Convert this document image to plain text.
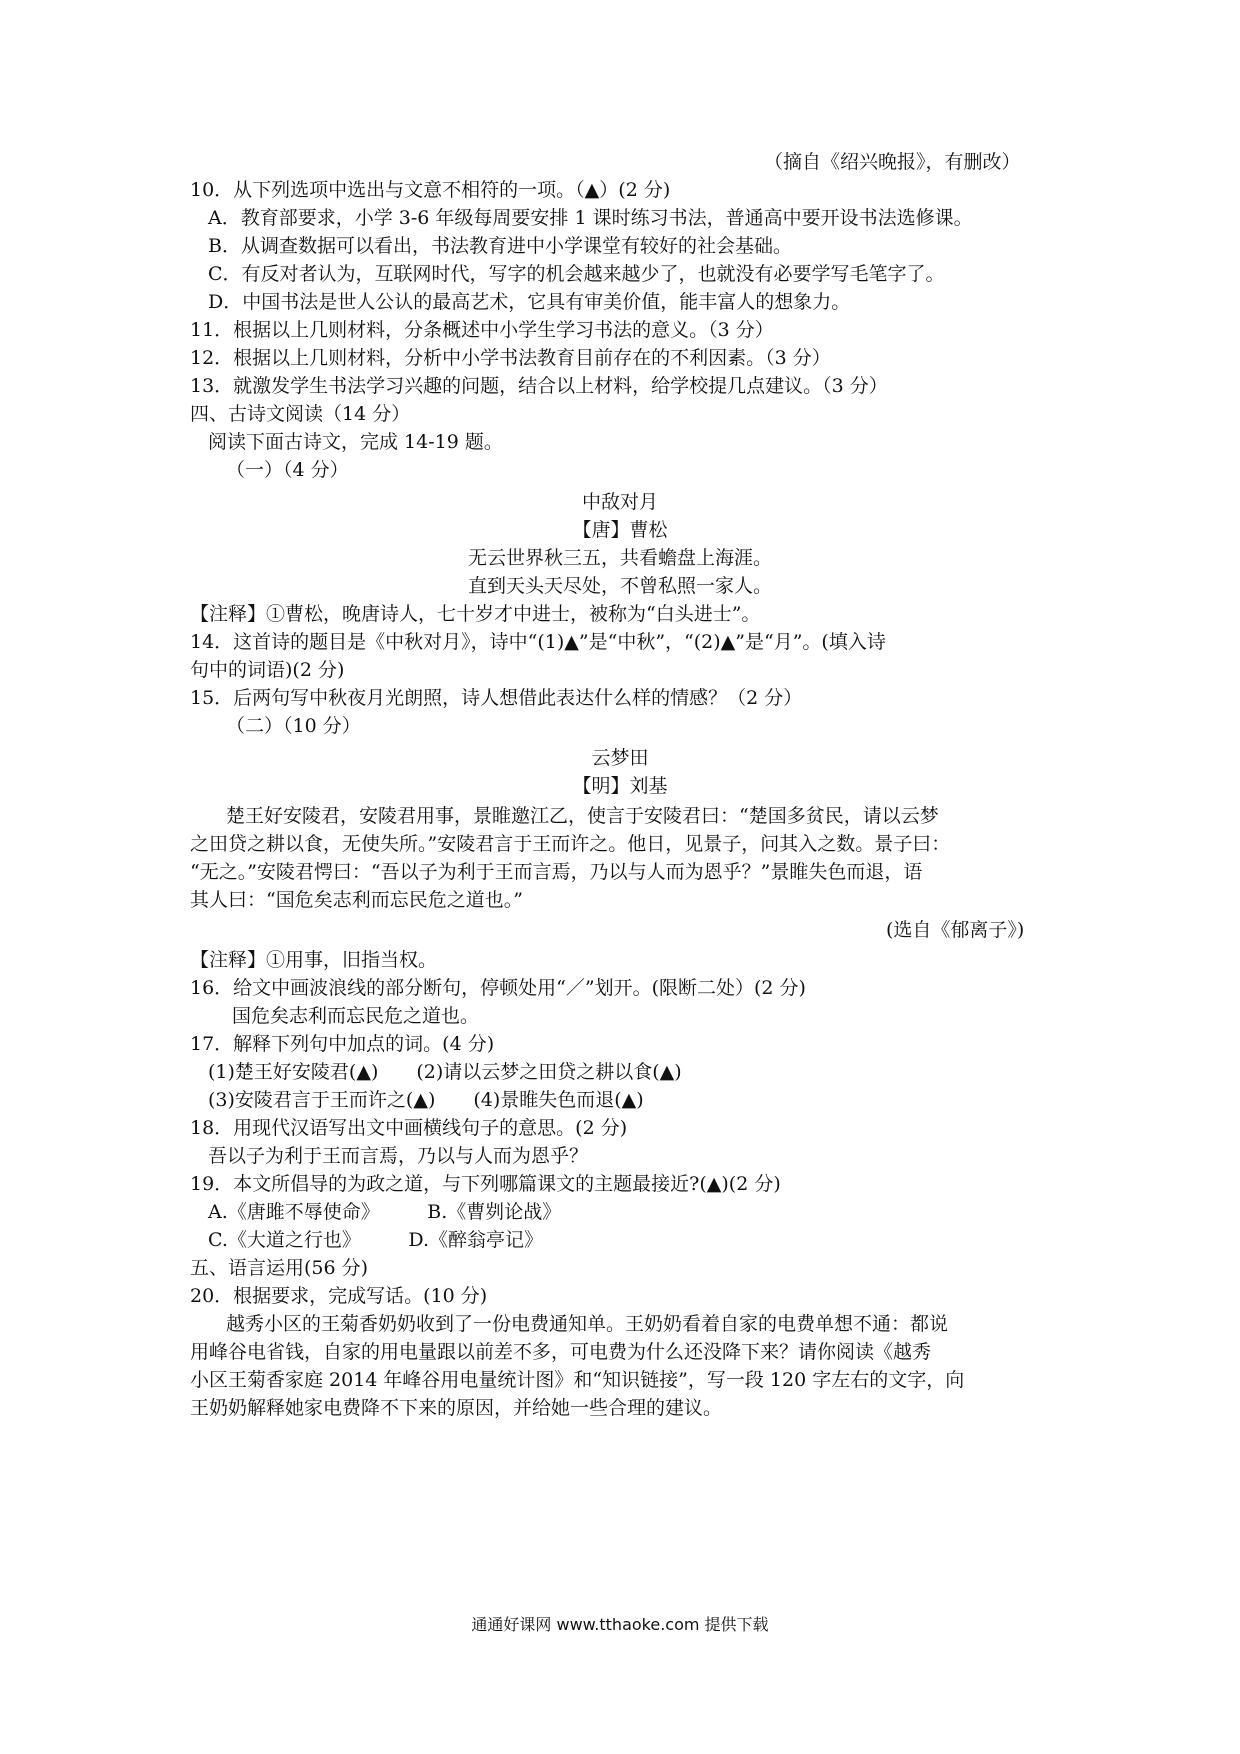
（摘自《绍兴晚报》，有删改）
10．从下列选项中选出与文意不相符的一项。（▲）(2 分)
A．教育部要求，小学 3-6 年级每周要安排 1 课时练习书法，普通高中要开设书法选修课。
B．从调查数据可以看出，书法教育进中小学课堂有较好的社会基础。
C．有反对者认为，互联网时代，写字的机会越来越少了，也就没有必要学写毛笔字了。
D．中国书法是世人公认的最高艺术，它具有审美价值，能丰富人的想象力。
11．根据以上几则材料，分条概述中小学生学习书法的意义。（3 分）
12．根据以上几则材料，分析中小学书法教育目前存在的不利因素。（3 分）
13．就激发学生书法学习兴趣的问题，结合以上材料，给学校提几点建议。（3 分）
四、古诗文阅读（14 分）
阅读下面古诗文，完成 14-19 题。
（一）（4 分）
中敌对月
【唐】曹松
无云世界秋三五，共看蟾盘上海涯。
直到天头天尽处，不曾私照一家人。
【注释】①曹松，晚唐诗人，七十岁才中进士，被称为“白头进士”。
14．这首诗的题目是《中秋对月》，诗中“(1)▲”是“中秋”，“(2)▲”是“月”。(填入诗
句中的词语)(2 分)
15．后两句写中秋夜月光朗照，诗人想借此表达什么样的情感？（2 分）
（二）（10 分）
云梦田
【明】刘基
楚王好安陵君，安陵君用事，景睢邀江乙，使言于安陵君曰：“楚国多贫民，请以云梦
之田贷之耕以食，无使失所。”安陵君言于王而许之。他日，见景子，问其入之数。景子曰：
“无之。”安陵君愕曰：“吾以子为利于王而言焉，乃以与人而为恩乎？”景睢失色而退，语
其人曰：“国危矣志利而忘民危之道也。”
(选自《郁离子》)
【注释】①用事，旧指当权。
16．给文中画波浪线的部分断句，停顿处用“／”划开。(限断二处）(2 分)
国危矣志利而忘民危之道也。
17．解释下列句中加点的词。(4 分)
(1)楚王好安陵君(▲)　　(2)请以云梦之田贷之耕以食(▲)
(3)安陵君言于王而许之(▲)　　(4)景睢失色而退(▲)
18．用现代汉语写出文中画横线句子的意思。(2 分)
吾以子为利于王而言焉，乃以与人而为恩乎？
19．本文所倡导的为政之道，与下列哪篇课文的主题最接近?(▲)(2 分)
A.《唐雎不辱使命》　　　B.《曹刿论战》
C.《大道之行也》　　　D.《醉翁亭记》
五、语言运用(56 分)
20．根据要求，完成写话。(10 分)
越秀小区的王菊香奶奶收到了一份电费通知单。王奶奶看着自家的电费单想不通：都说
用峰谷电省钱，自家的用电量跟以前差不多，可电费为什么还没降下来？请你阅读《越秀
小区王菊香家庭 2014 年峰谷用电量统计图》和“知识链接”，写一段 120 字左右的文字，向
王奶奶解释她家电费降不下来的原因，并给她一些合理的建议。
通通好课网 www.tthaoke.com 提供下载
